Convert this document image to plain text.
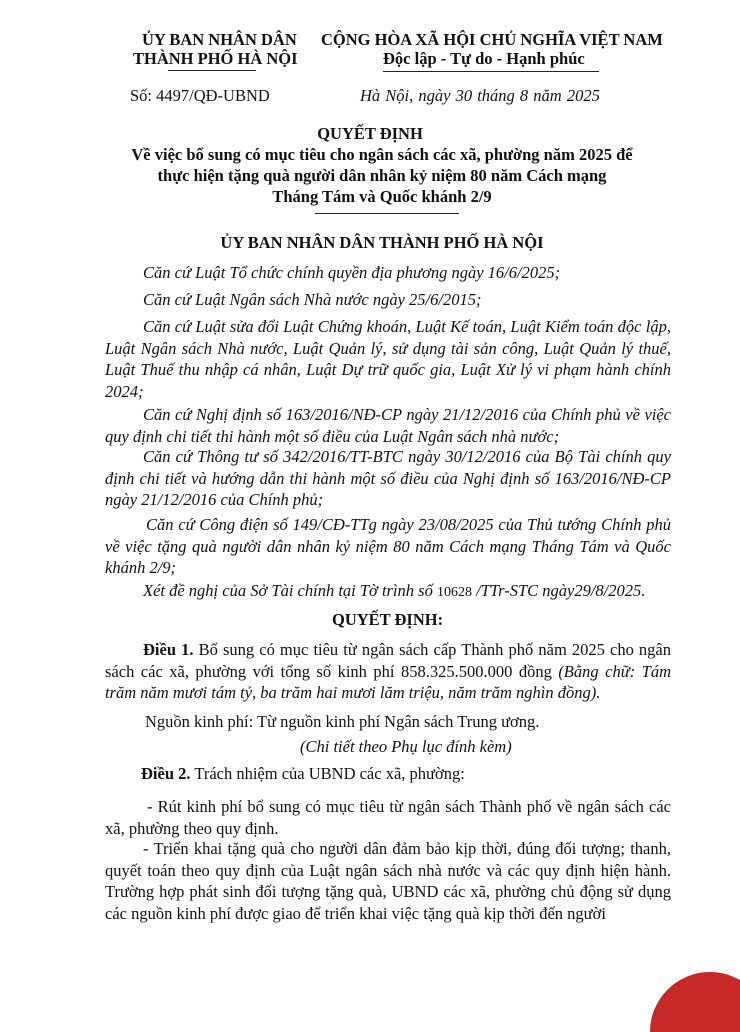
ỦY BAN NHÂN DÂN
THÀNH PHỐ HÀ NỘI
CỘNG HÒA XÃ HỘI CHỦ NGHĨA VIỆT NAM
Độc lập - Tự do - Hạnh phúc
Số: 4497/QĐ-UBND	Hà Nội, ngày 30 tháng 8 năm 2025
QUYẾT ĐỊNH
Về việc bổ sung có mục tiêu cho ngân sách các xã, phường năm 2025 để
thực hiện tặng quà người dân nhân kỷ niệm 80 năm Cách mạng
Tháng Tám và Quốc khánh 2/9
ỦY BAN NHÂN DÂN THÀNH PHỐ HÀ NỘI
Căn cứ Luật Tổ chức chính quyền địa phương ngày 16/6/2025;
Căn cứ Luật Ngân sách Nhà nước ngày 25/6/2015;
Căn cứ Luật sửa đổi Luật Chứng khoán, Luật Kế toán, Luật Kiểm toán độc lập, Luật Ngân sách Nhà nước, Luật Quản lý, sử dụng tài sản công, Luật Quản lý thuế, Luật Thuế thu nhập cá nhân, Luật Dự trữ quốc gia, Luật Xử lý vi phạm hành chính 2024;
Căn cứ Nghị định số 163/2016/NĐ-CP ngày 21/12/2016 của Chính phủ về việc quy định chi tiết thi hành một số điều của Luật Ngân sách nhà nước;
Căn cứ Thông tư số 342/2016/TT-BTC ngày 30/12/2016 của Bộ Tài chính quy định chi tiết và hướng dẫn thi hành một số điều của Nghị định số 163/2016/NĐ-CP ngày 21/12/2016 của Chính phủ;
Căn cứ Công điện số 149/CĐ-TTg ngày 23/08/2025 của Thủ tướng Chính phủ về việc tặng quà người dân nhân kỷ niệm 80 năm Cách mạng Tháng Tám và Quốc khánh 2/9;
Xét đề nghị của Sở Tài chính tại Tờ trình số 10628 /TTr-STC ngày29/8/2025.
QUYẾT ĐỊNH:
Điều 1. Bổ sung có mục tiêu từ ngân sách cấp Thành phố năm 2025 cho ngân sách các xã, phường với tổng số kinh phí 858.325.500.000 đồng (Bằng chữ: Tám trăm năm mươi tám tỷ, ba trăm hai mươi lăm triệu, năm trăm nghìn đồng).
Nguồn kinh phí: Từ nguồn kinh phí Ngân sách Trung ương.
(Chi tiết theo Phụ lục đính kèm)
Điều 2. Trách nhiệm của UBND các xã, phường:
- Rút kinh phí bổ sung có mục tiêu từ ngân sách Thành phố về ngân sách các xã, phường theo quy định.
- Triển khai tặng quà cho người dân đảm bảo kịp thời, đúng đối tượng; thanh, quyết toán theo quy định của Luật ngân sách nhà nước và các quy định hiện hành. Trường hợp phát sinh đối tượng tặng quà, UBND các xã, phường chủ động sử dụng các nguồn kinh phí được giao để triển khai việc tặng quà kịp thời đến người
